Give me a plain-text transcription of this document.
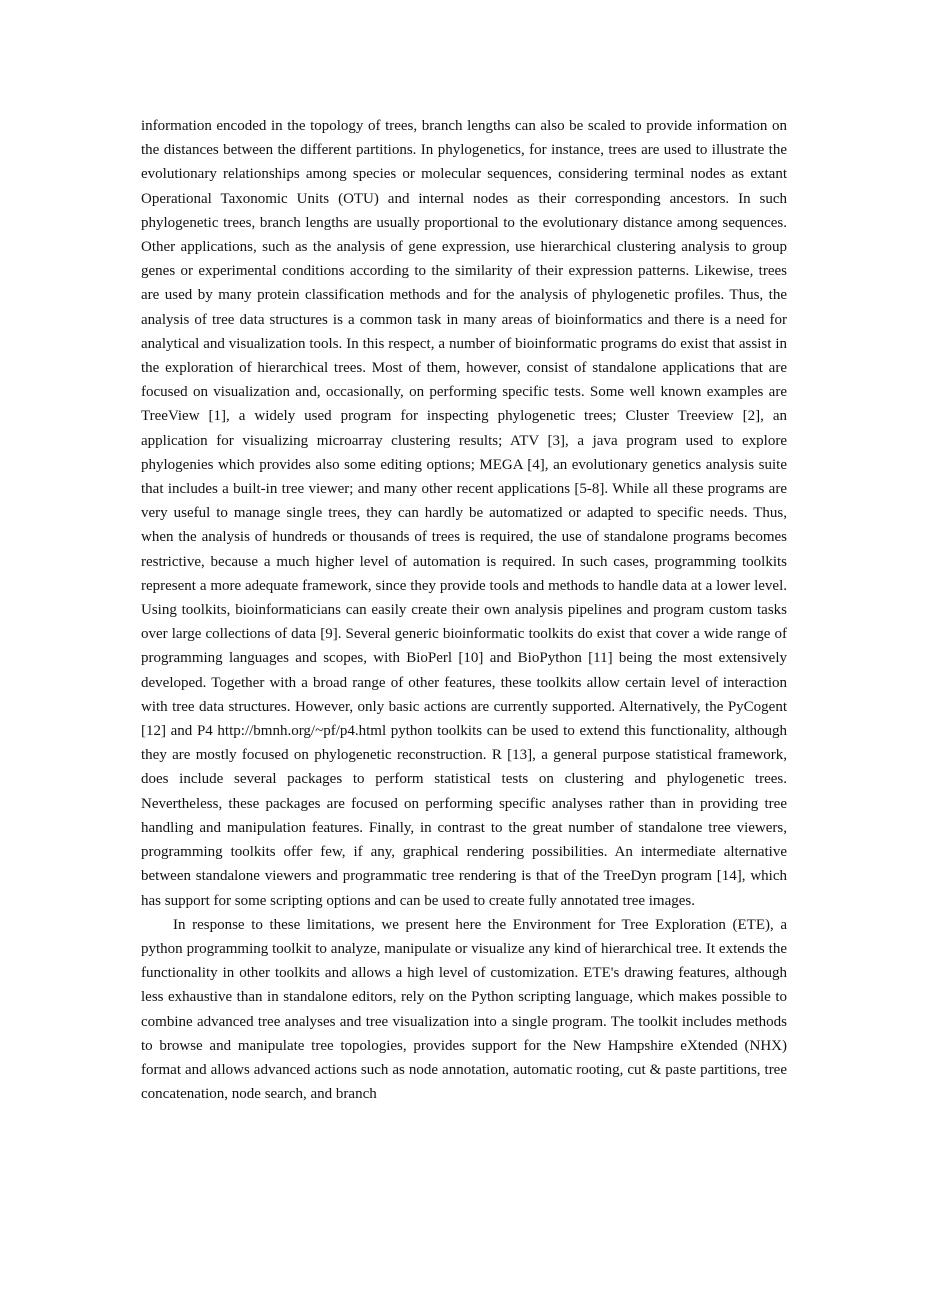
information encoded in the topology of trees, branch lengths can also be scaled to provide information on the distances between the different partitions. In phylogenetics, for instance, trees are used to illustrate the evolutionary relationships among species or molecular sequences, considering terminal nodes as extant Operational Taxonomic Units (OTU) and internal nodes as their corresponding ancestors. In such phylogenetic trees, branch lengths are usually proportional to the evolutionary distance among sequences. Other applications, such as the analysis of gene expression, use hierarchical clustering analysis to group genes or experimental conditions according to the similarity of their expression patterns. Likewise, trees are used by many protein classification methods and for the analysis of phylogenetic profiles. Thus, the analysis of tree data structures is a common task in many areas of bioinformatics and there is a need for analytical and visualization tools. In this respect, a number of bioinformatic programs do exist that assist in the exploration of hierarchical trees. Most of them, however, consist of standalone applications that are focused on visualization and, occasionally, on performing specific tests. Some well known examples are TreeView [1], a widely used program for inspecting phylogenetic trees; Cluster Treeview [2], an application for visualizing microarray clustering results; ATV [3], a java program used to explore phylogenies which provides also some editing options; MEGA [4], an evolutionary genetics analysis suite that includes a built-in tree viewer; and many other recent applications [5-8]. While all these programs are very useful to manage single trees, they can hardly be automatized or adapted to specific needs. Thus, when the analysis of hundreds or thousands of trees is required, the use of standalone programs becomes restrictive, because a much higher level of automation is required. In such cases, programming toolkits represent a more adequate framework, since they provide tools and methods to handle data at a lower level. Using toolkits, bioinformaticians can easily create their own analysis pipelines and program custom tasks over large collections of data [9]. Several generic bioinformatic toolkits do exist that cover a wide range of programming languages and scopes, with BioPerl [10] and BioPython [11] being the most extensively developed. Together with a broad range of other features, these toolkits allow certain level of interaction with tree data structures. However, only basic actions are currently supported. Alternatively, the PyCogent [12] and P4 http://bmnh.org/~pf/p4.html python toolkits can be used to extend this functionality, although they are mostly focused on phylogenetic reconstruction. R [13], a general purpose statistical framework, does include several packages to perform statistical tests on clustering and phylogenetic trees. Nevertheless, these packages are focused on performing specific analyses rather than in providing tree handling and manipulation features. Finally, in contrast to the great number of standalone tree viewers, programming toolkits offer few, if any, graphical rendering possibilities. An intermediate alternative between standalone viewers and programmatic tree rendering is that of the TreeDyn program [14], which has support for some scripting options and can be used to create fully annotated tree images.

In response to these limitations, we present here the Environment for Tree Exploration (ETE), a python programming toolkit to analyze, manipulate or visualize any kind of hierarchical tree. It extends the functionality in other toolkits and allows a high level of customization. ETE's drawing features, although less exhaustive than in standalone editors, rely on the Python scripting language, which makes possible to combine advanced tree analyses and tree visualization into a single program. The toolkit includes methods to browse and manipulate tree topologies, provides support for the New Hampshire eXtended (NHX) format and allows advanced actions such as node annotation, automatic rooting, cut & paste partitions, tree concatenation, node search, and branch
